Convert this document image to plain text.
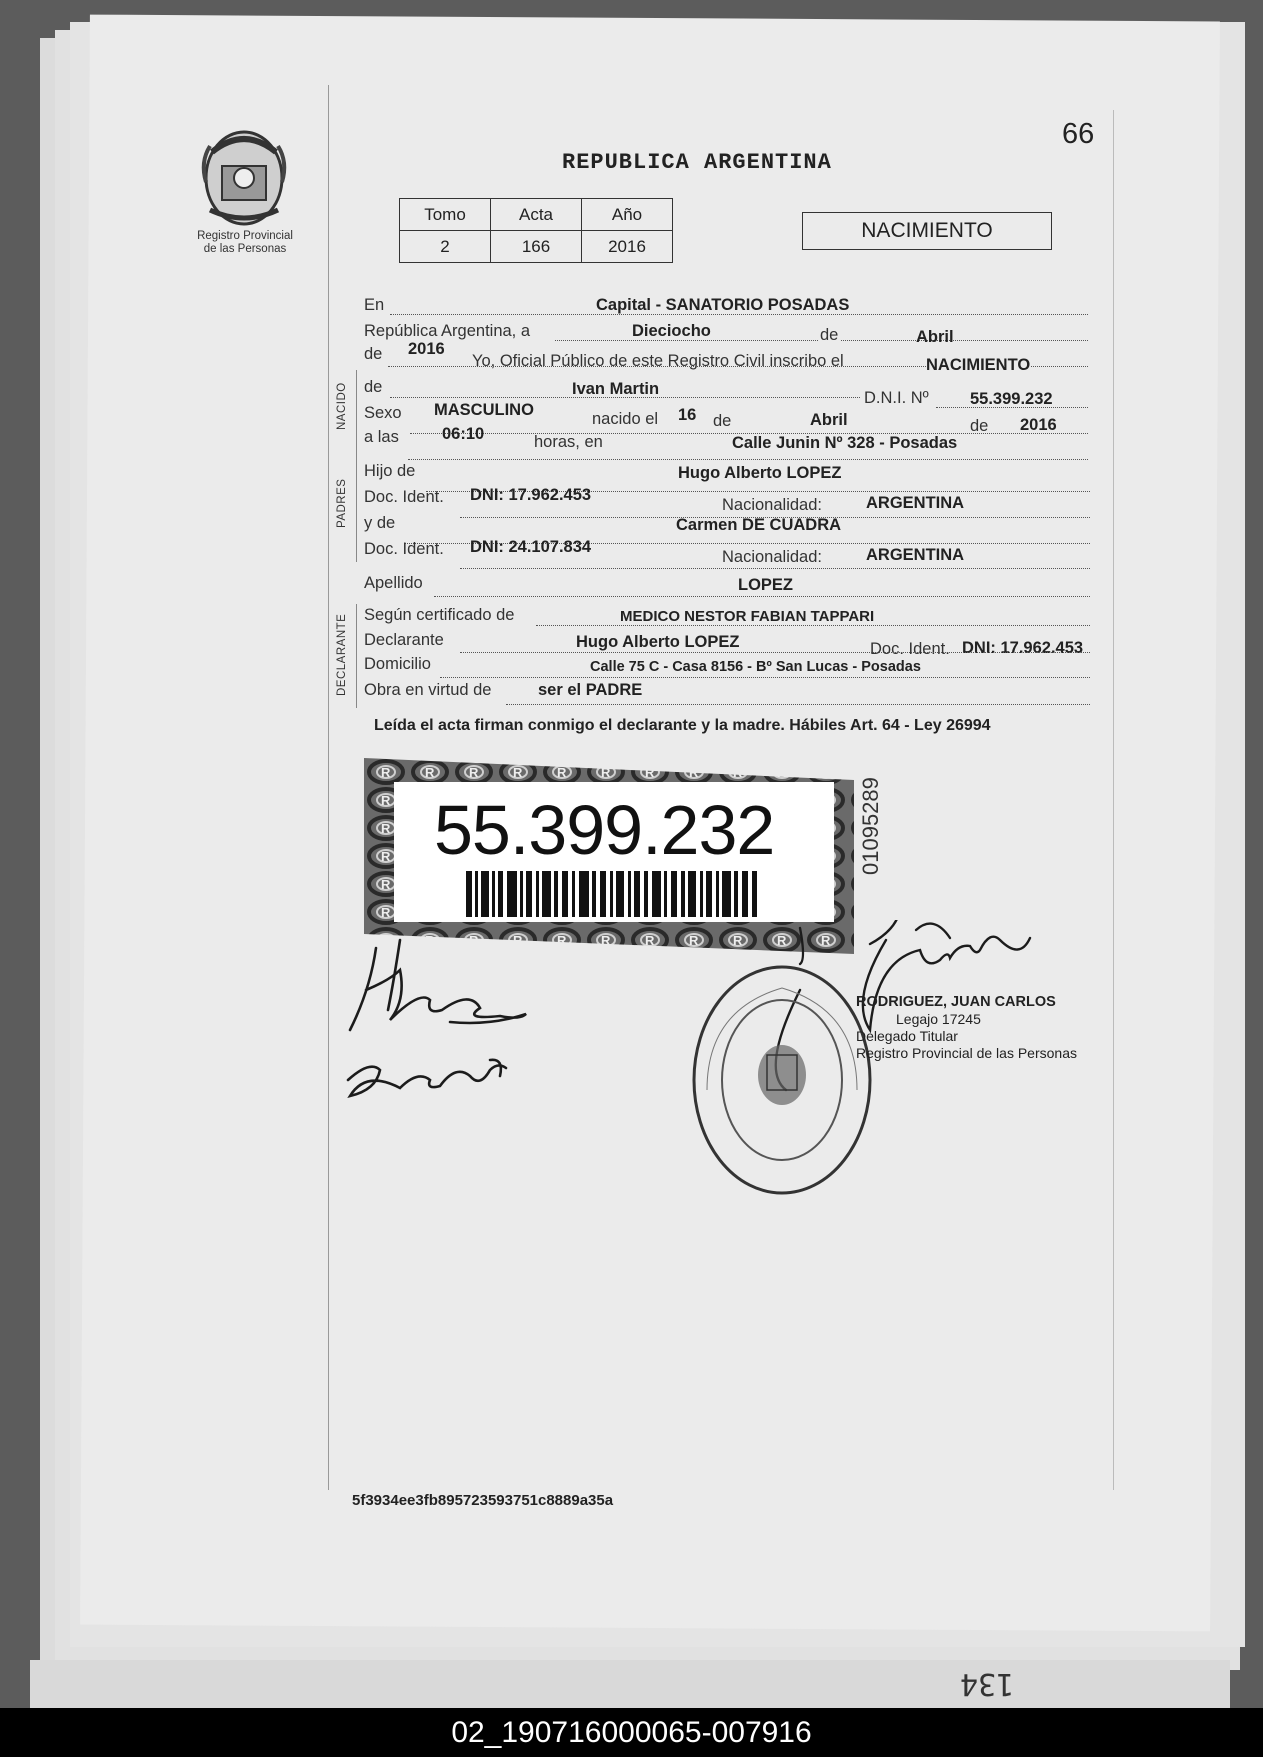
134
Registro Provincial
de las Personas
66
REPUBLICA ARGENTINA
Tomo	Acta	Año
2	166	2016
NACIMIENTO
En	Capital - SANATORIO POSADAS
República Argentina, a	Dieciocho	de	Abril
de 2016
Yo, Oficial Público de este Registro Civil inscribo el	NACIMIENTO
NACIDO de	Ivan Martin	D.N.I. Nº	55.399.232
Sexo MASCULINO	nacido el 16 de	Abril	de 2016
a las	06:10	horas, en	Calle Junin Nº 328 - Posadas
PADRES
Hijo de	Hugo Alberto LOPEZ
Doc. Ident. DNI: 17.962.453
Nacionalidad:	ARGENTINA
y de	Carmen DE CUADRA
Doc. Ident. DNI: 24.107.834
Nacionalidad:	ARGENTINA
Apellido	LOPEZ
DECLARANTE Según certificado de	MEDICO NESTOR FABIAN TAPPARI
Declarante	Hugo Alberto LOPEZ	Doc. Ident. DNI: 17.962.453
Domicilio	Calle 75 C - Casa 8156 - Bº San Lucas - Posadas
Obra en virtud de	ser el PADRE
Leída el acta firman conmigo el declarante y la madre. Hábiles Art. 64 - Ley 26994
55.399.232	01095289
RODRIGUEZ, JUAN CARLOS
Legajo 17245
Delegado Titular
Registro Provincial de las Personas
5f3934ee3fb895723593751c8889a35a
02_190716000065-007916
